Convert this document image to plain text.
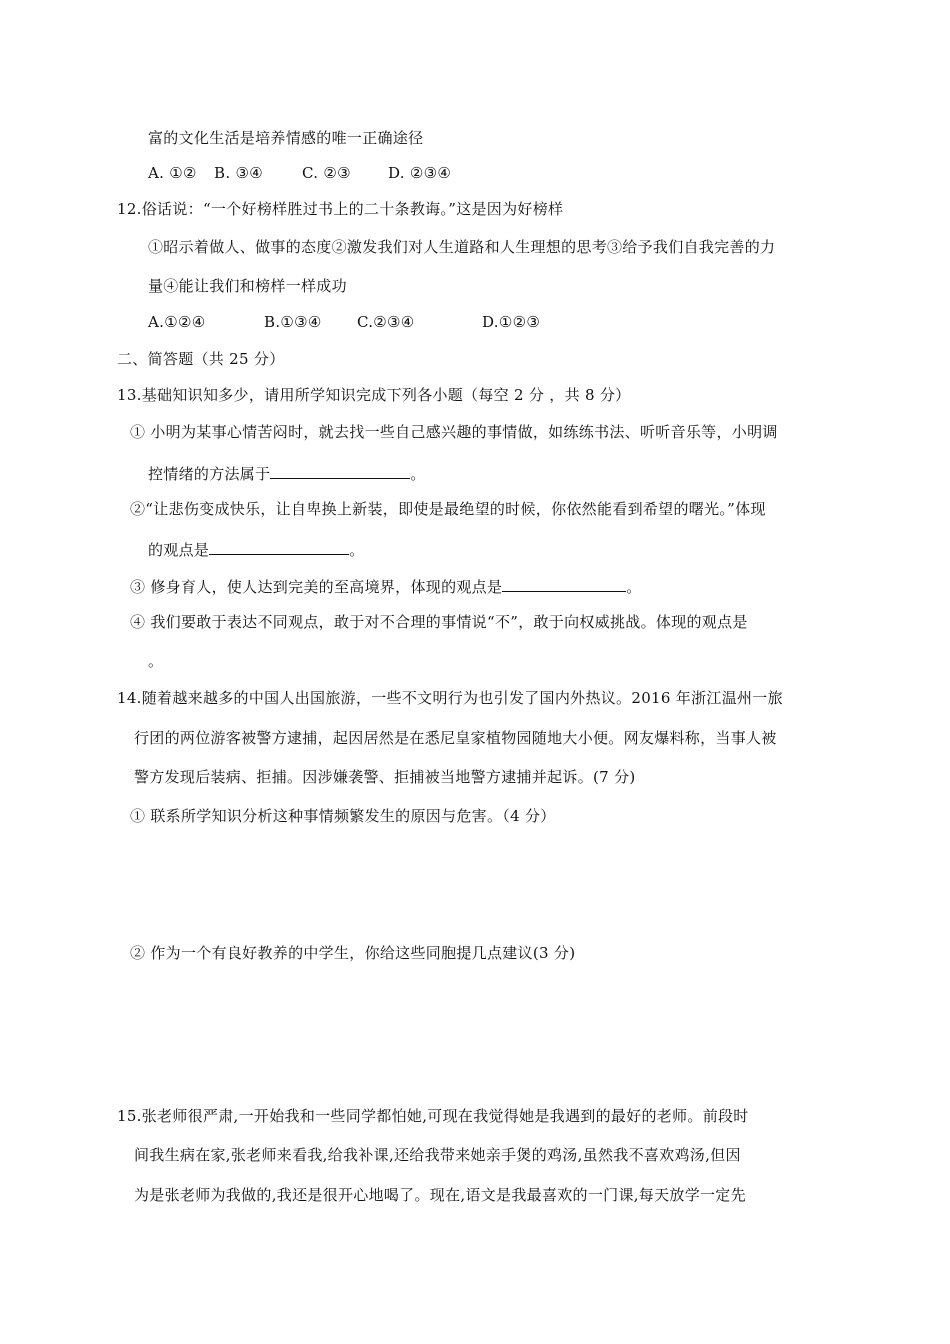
富的文化生活是培养情感的唯一正确途径
A. ①② B. ③④	C. ②③ D. ②③④
12.俗话说：“一个好榜样胜过书上的二十条教诲。”这是因为好榜样
①昭示着做人、做事的态度②激发我们对人生道路和人生理想的思考③给予我们自我完善的力
量④能让我们和榜样一样成功
A.①②④	B.①③④ C.②③④	D.①②③
二、简答题（共 25 分）
13.基础知识知多少，请用所学知识完成下列各小题（每空 2 分 ，共 8 分）
① 小明为某事心情苦闷时，就去找一些自己感兴趣的事情做，如练练书法、听听音乐等，小明调
控情绪的方法属于	。
②“让悲伤变成快乐，让自卑换上新装，即使是最绝望的时候，你依然能看到希望的曙光。”体现
的观点是	。
③ 修身育人，使人达到完美的至高境界，体现的观点是	。
④ 我们要敢于表达不同观点，敢于对不合理的事情说“不”，敢于向权威挑战。体现的观点是
。
14.随着越来越多的中国人出国旅游，一些不文明行为也引发了国内外热议。2016 年浙江温州一旅
行团的两位游客被警方逮捕，起因居然是在悉尼皇家植物园随地大小便。网友爆料称，当事人被
警方发现后装病、拒捕。因涉嫌袭警、拒捕被当地警方逮捕并起诉。(7 分)
① 联系所学知识分析这种事情频繁发生的原因与危害。（4 分）
② 作为一个有良好教养的中学生，你给这些同胞提几点建议(3 分)
15.张老师很严肃,一开始我和一些同学都怕她,可现在我觉得她是我遇到的最好的老师。前段时
间我生病在家,张老师来看我,给我补课,还给我带来她亲手煲的鸡汤,虽然我不喜欢鸡汤,但因
为是张老师为我做的,我还是很开心地喝了。现在,语文是我最喜欢的一门课,每天放学一定先
